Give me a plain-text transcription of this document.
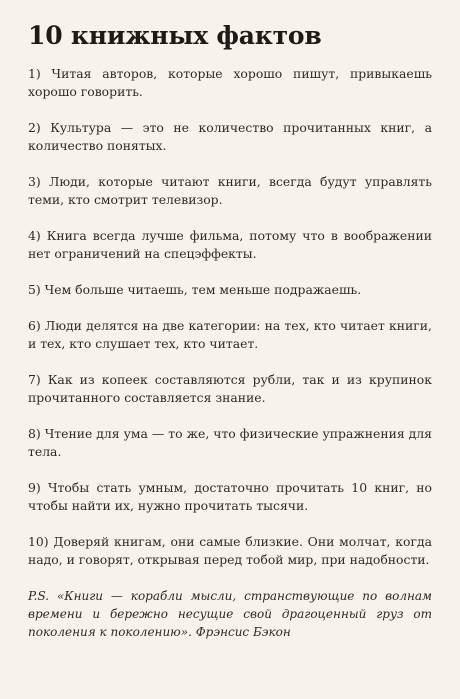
10 книжных фактов
1) Читая авторов, которые хорошо пишут, привыкаешь хорошо говорить.
2) Культура — это не количество прочитанных книг, а количество понятых.
3) Люди, которые читают книги, всегда будут управлять теми, кто смотрит телевизор.
4) Книга всегда лучше фильма, потому что в воображении нет ограничений на спецэффекты.
5) Чем больше читаешь, тем меньше подражаешь.
6) Люди делятся на две категории: на тех, кто читает книги, и тех, кто слушает тех, кто читает.
7) Как из копеек составляются рубли, так и из крупинок прочитанного составляется знание.
8) Чтение для ума — то же, что физические упражнения для тела.
9) Чтобы стать умным, достаточно прочитать 10 книг, но чтобы найти их, нужно прочитать тысячи.
10) Доверяй книгам, они самые близкие. Они молчат, когда надо, и говорят, открывая перед тобой мир, при надобности.

P.S. «Книги — корабли мысли, странствующие по волнам времени и бережно несущие свой драгоценный груз от поколения к поколению». Фрэнсис Бэкон
